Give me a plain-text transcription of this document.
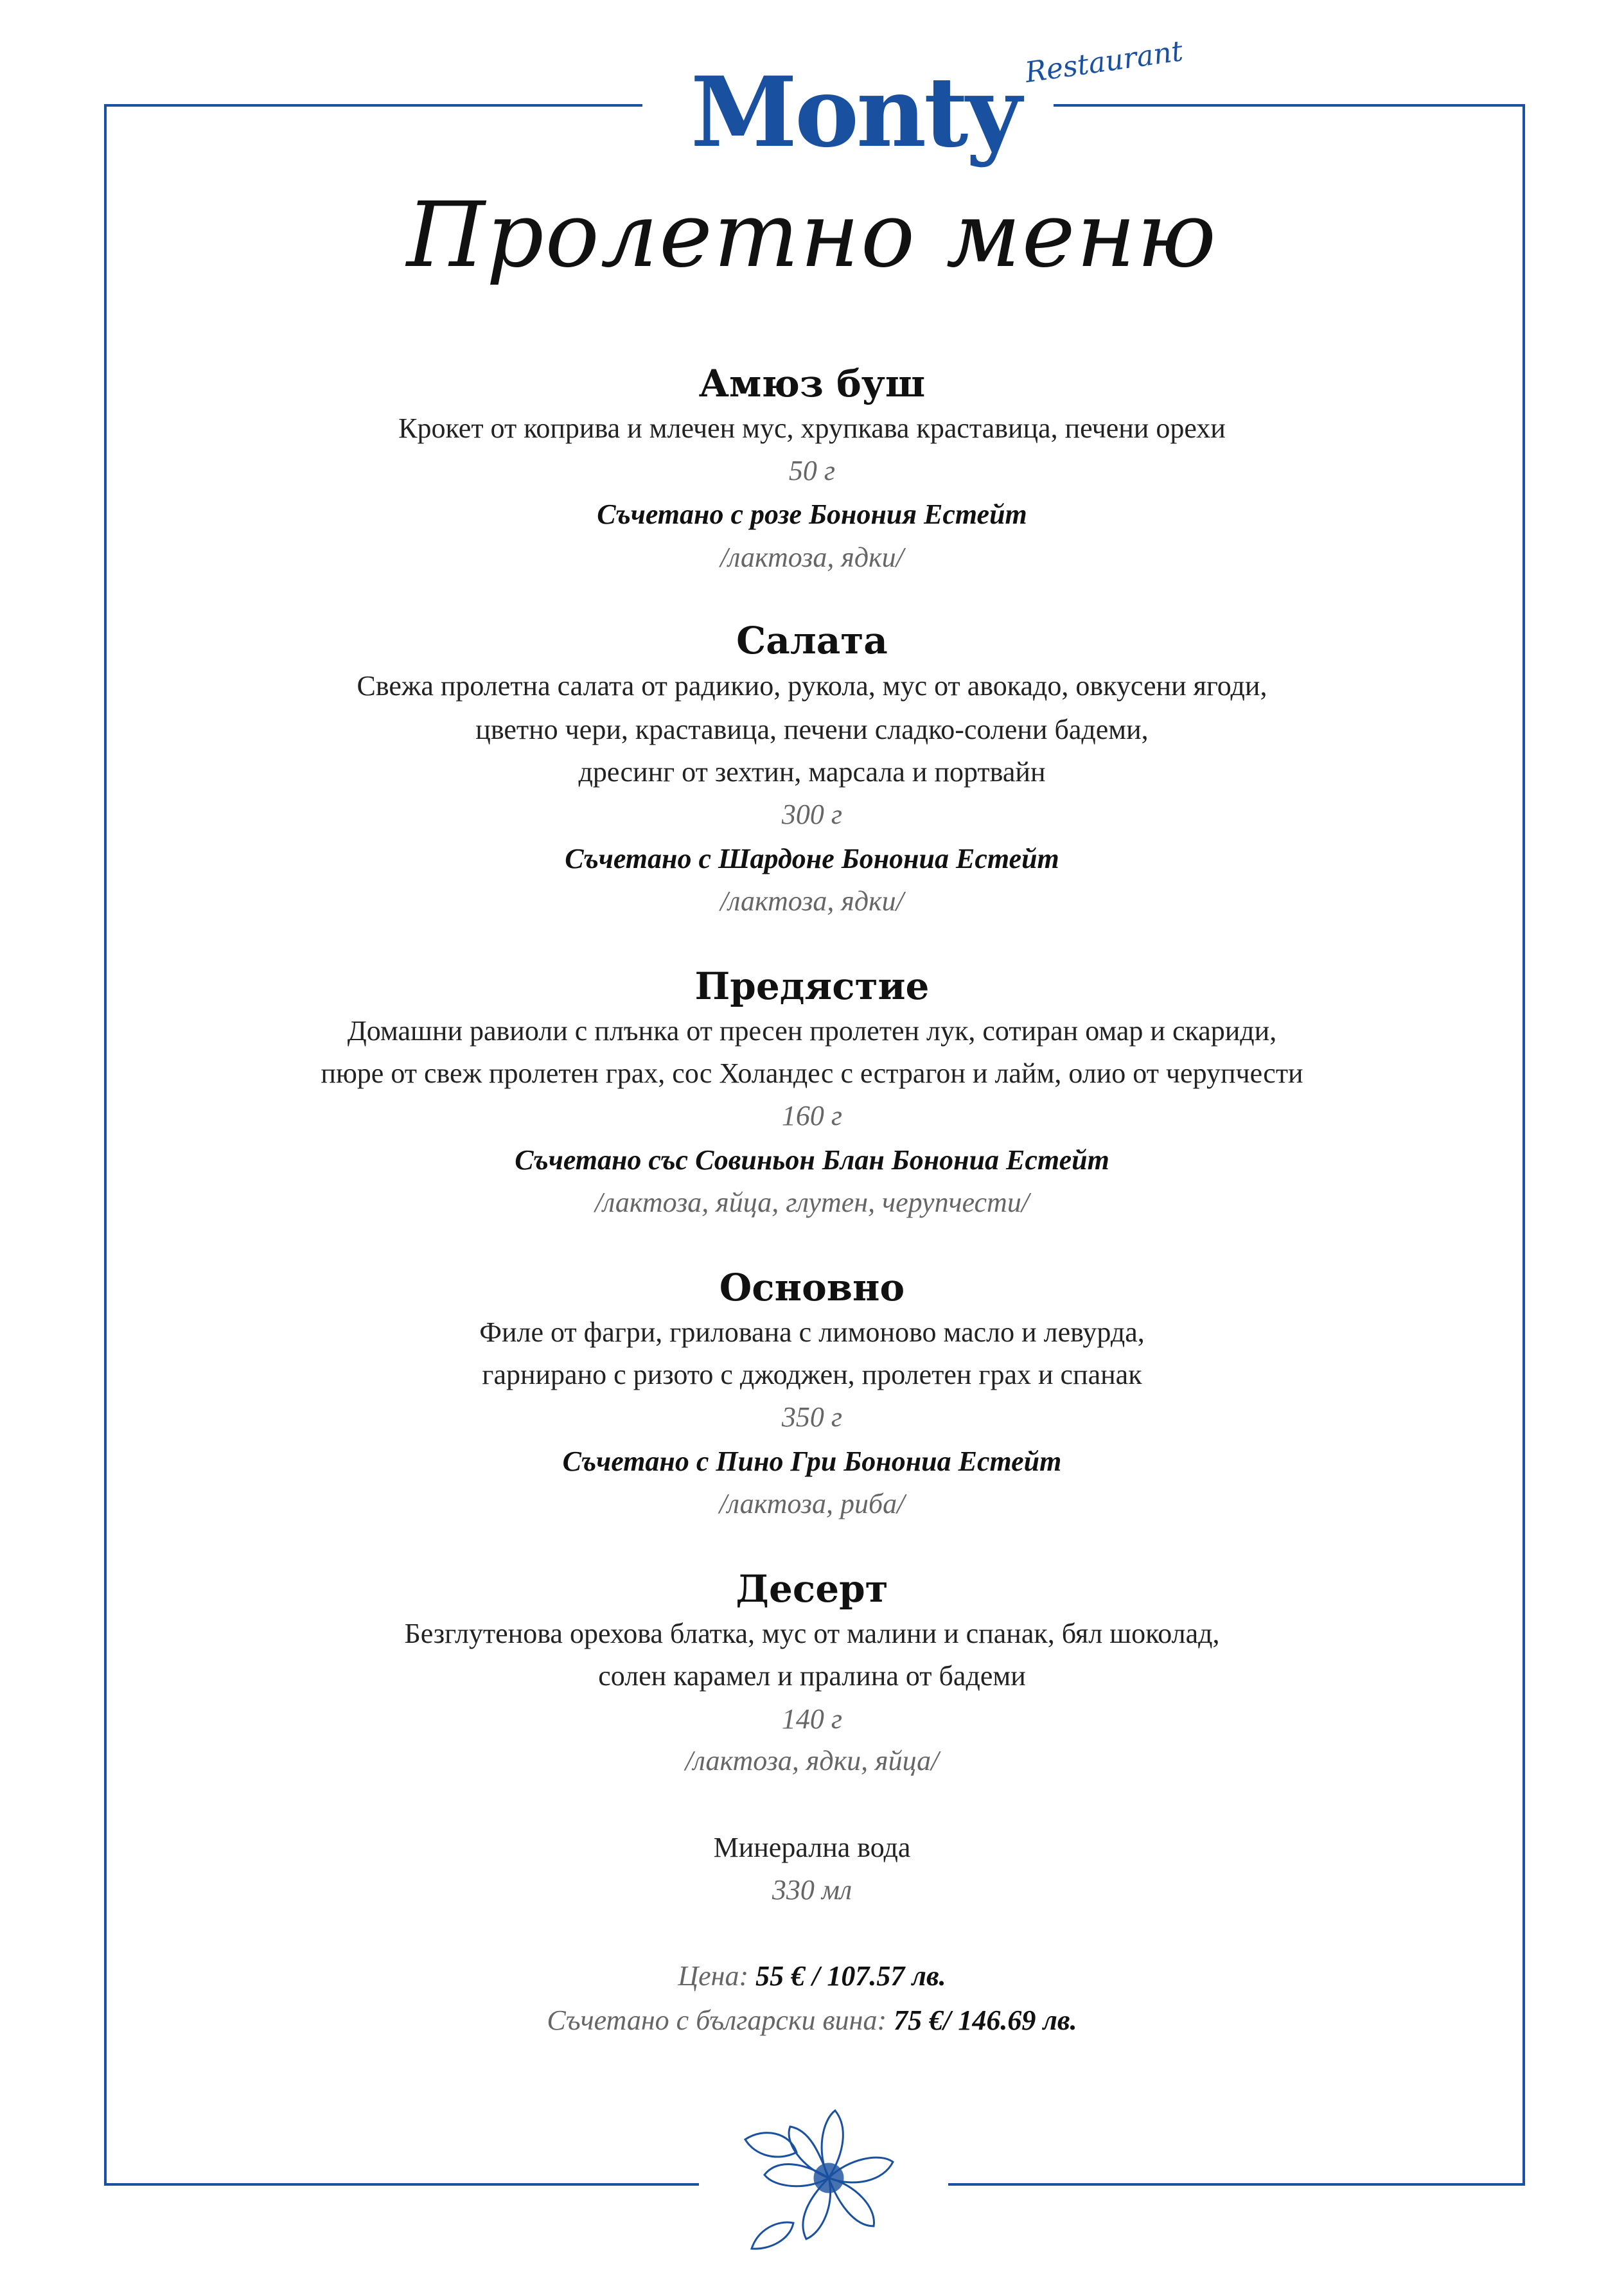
Monty Restaurant
Пролетно меню
Амюз буш
Крокет от коприва и млечен мус, хрупкава краставица, печени орехи
50 г
Съчетано с розе Бонония Естейт
/лактоза, ядки/
Салата
Свежа пролетна салата от радикио, рукола, мус от авокадо, овкусени ягоди,
цветно чери, краставица, печени сладко-солени бадеми,
дресинг от зехтин, марсала и портвайн
300 г
Съчетано с Шардоне Бонониа Естейт
/лактоза, ядки/
Предястие
Домашни равиоли с плънка от пресен пролетен лук, сотиран омар и скариди,
пюре от свеж пролетен грах, сос Холандес с естрагон и лайм, олио от черупчести
160 г
Съчетано със Совиньон Блан Бонониа Естейт
/лактоза, яйца, глутен, черупчести/
Основно
Филе от фагри, грилована с лимоново масло и левурда,
гарнирано с ризото с джоджен, пролетен грах и спанак
350 г
Съчетано с Пино Гри Бонониа Естейт
/лактоза, риба/
Десерт
Безглутенова орехова блатка, мус от малини и спанак, бял шоколад,
солен карамел и пралина от бадеми
140 г
/лактоза, ядки, яйца/
Минерална вода
330 мл
Цена: 55 € / 107.57 лв.
Съчетано с български вина: 75 €/ 146.69 лв.
